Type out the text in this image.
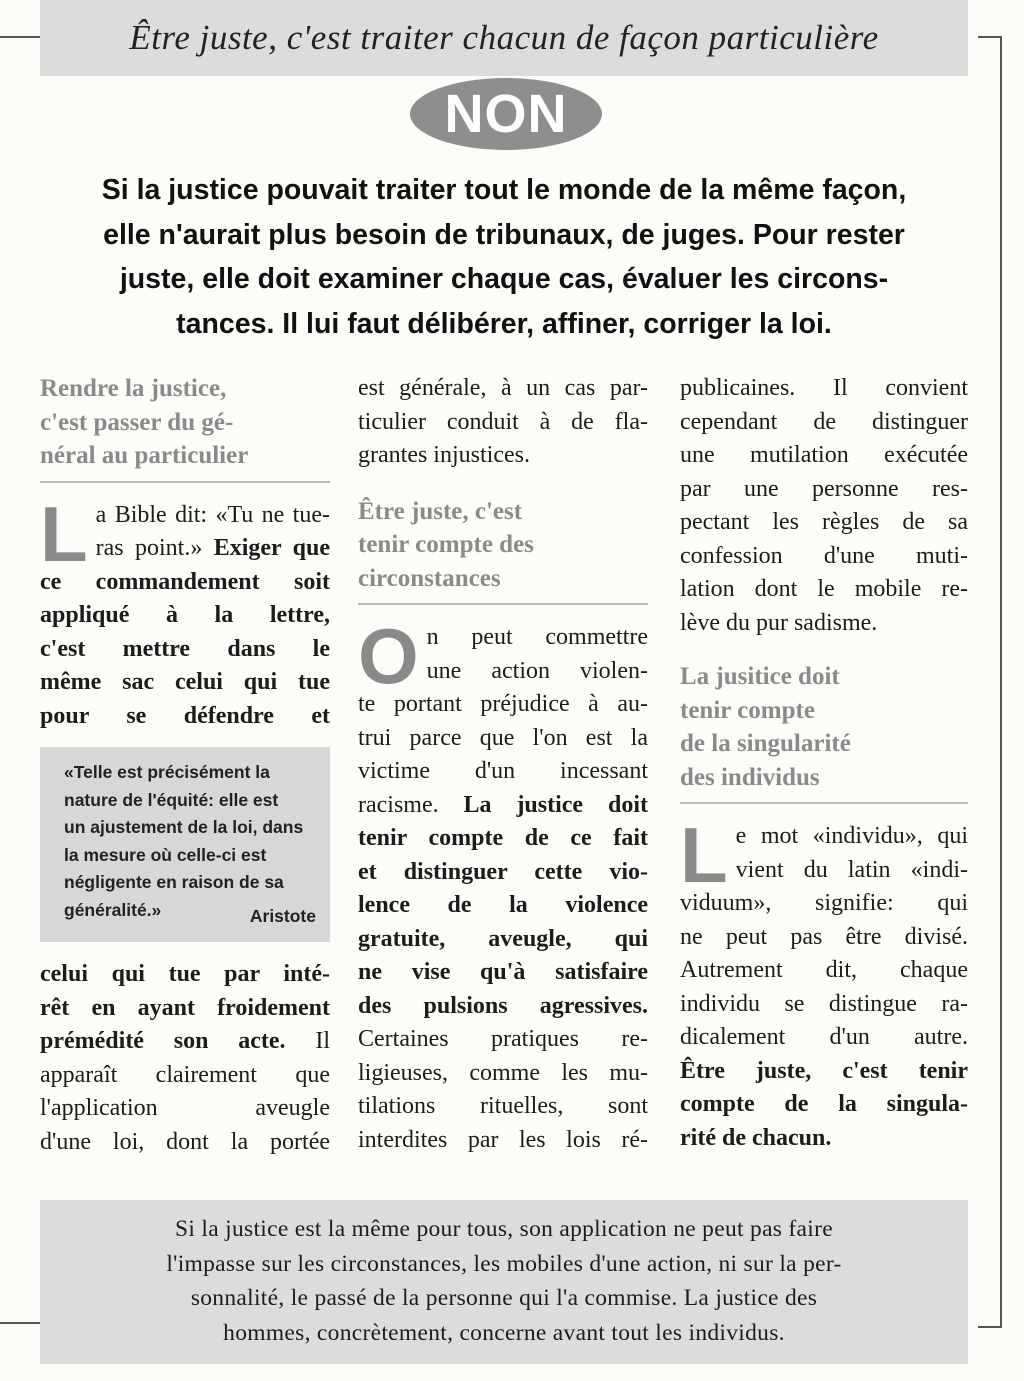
Être juste, c'est traiter chacun de façon particulière
NON
Si la justice pouvait traiter tout le monde de la même façon,
elle n'aurait plus besoin de tribunaux, de juges. Pour rester
juste, elle doit examiner chaque cas, évaluer les circons-
tances. Il lui faut délibérer, affiner, corriger la loi.
Rendre la justice,
c'est passer du gé-
néral au particulier
L a Bible dit: «Tu ne tue-
ras point.» Exiger que
ce commandement soit
appliqué à la lettre,
c'est mettre dans le
même sac celui qui tue
pour se défendre et
«Telle est précisément la
nature de l'équité: elle est
un ajustement de la loi, dans
la mesure où celle-ci est
négligente en raison de sa
généralité.»	Aristote
celui qui tue par inté-
rêt en ayant froidement
prémédité son acte. Il
apparaît clairement que
l'application aveugle
d'une loi, dont la portée
est générale, à un cas par-
ticulier conduit à de fla-
grantes injustices.
Être juste, c'est
tenir compte des
circonstances
O n peut commettre
une action violen-
te portant préjudice à au-
trui parce que l'on est la
victime d'un incessant
racisme. La justice doit
tenir compte de ce fait
et distinguer cette vio-
lence de la violence
gratuite, aveugle, qui
ne vise qu'à satisfaire
des pulsions agressives.
Certaines pratiques re-
ligieuses, comme les mu-
tilations rituelles, sont
interdites par les lois ré-
publicaines. Il convient
cependant de distinguer
une mutilation exécutée
par une personne res-
pectant les règles de sa
confession d'une muti-
lation dont le mobile re-
lève du pur sadisme.
La jusitice doit
tenir compte
de la singularité
des individus
L e mot «individu», qui
vient du latin «indi-
viduum», signifie: qui
ne peut pas être divisé.
Autrement dit, chaque
individu se distingue ra-
dicalement d'un autre.
Être juste, c'est tenir
compte de la singula-
rité de chacun.
Si la justice est la même pour tous, son application ne peut pas faire
l'impasse sur les circonstances, les mobiles d'une action, ni sur la per-
sonnalité, le passé de la personne qui l'a commise. La justice des
hommes, concrètement, concerne avant tout les individus.
